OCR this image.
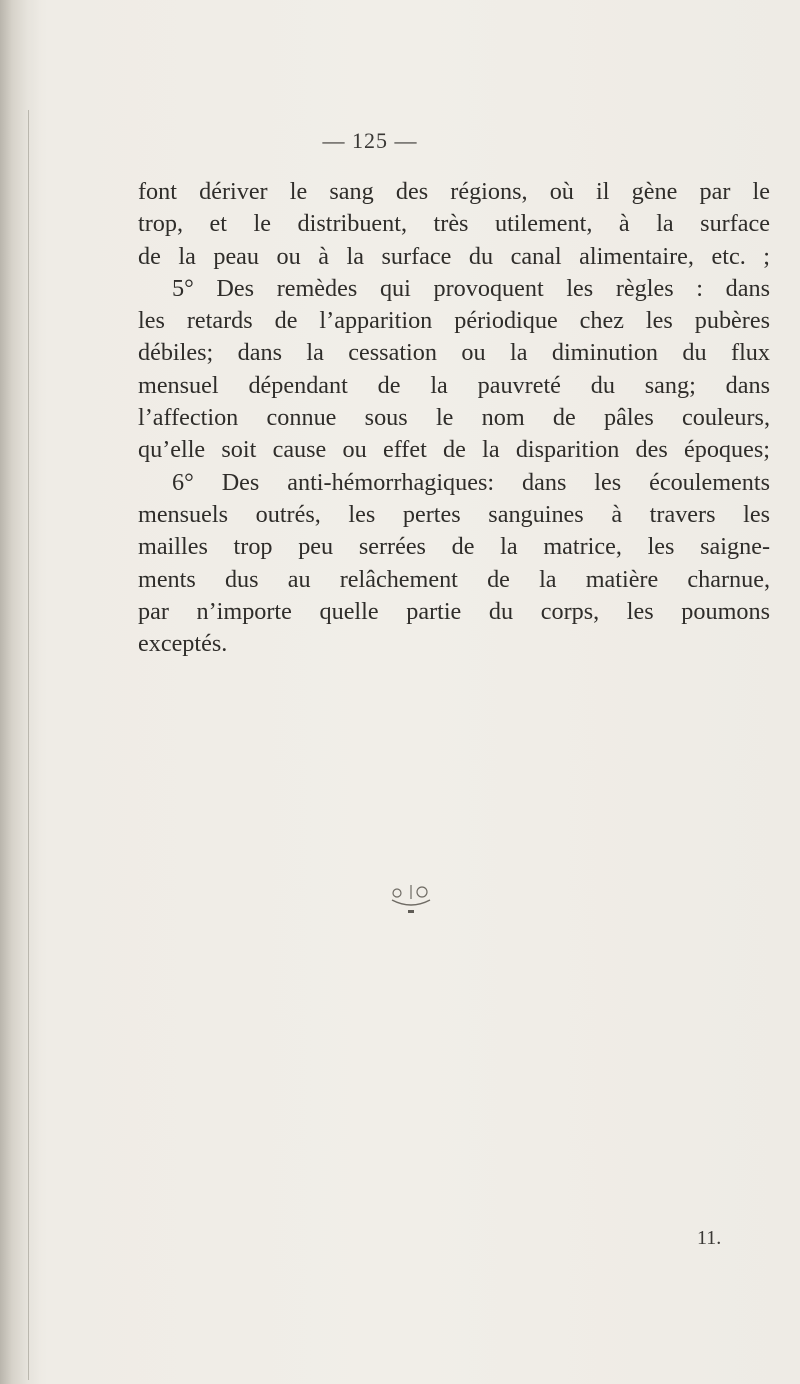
— 125 —
font dériver le sang des régions, où il gène par le
trop, et le distribuent, très utilement, à la surface
de la peau ou à la surface du canal alimentaire, etc. ;
5° Des remèdes qui provoquent les règles : dans
les retards de l’apparition périodique chez les pubères
débiles; dans la cessation ou la diminution du flux
mensuel dépendant de la pauvreté du sang; dans
l’affection connue sous le nom de pâles couleurs,
qu’elle soit cause ou effet de la disparition des époques;
6° Des anti-hémorrhagiques: dans les écoulements
mensuels outrés, les pertes sanguines à travers les
mailles trop peu serrées de la matrice, les saigne-
ments dus au relâchement de la matière charnue,
par n’importe quelle partie du corps, les poumons
exceptés.
11.
